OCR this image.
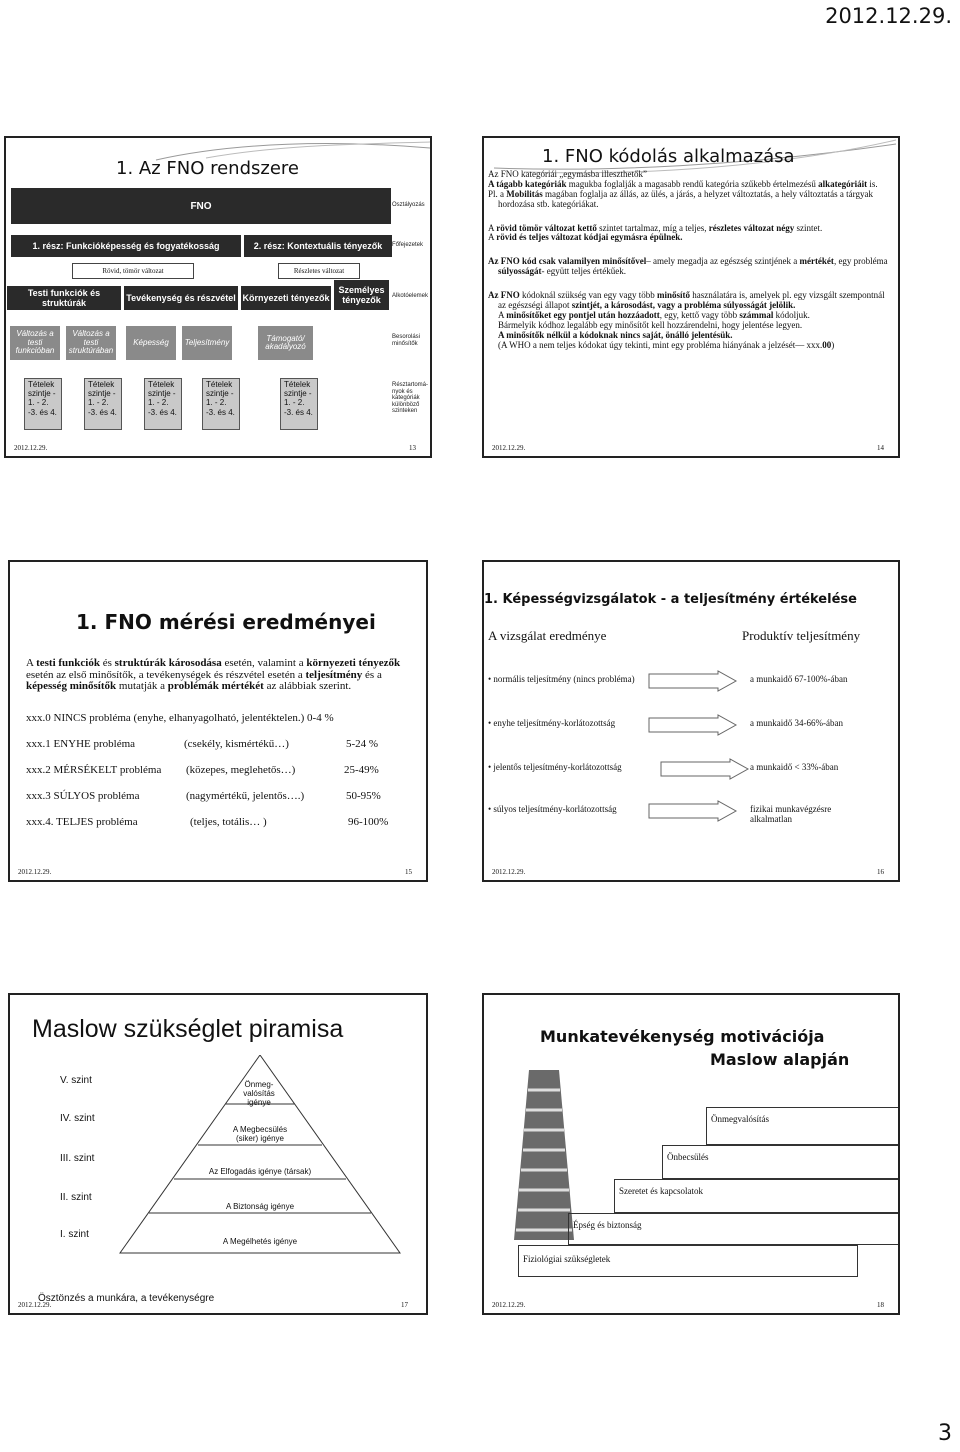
2012.12.29.
1. Az FNO rendszere
FNO	Osztályozás
1. rész: Funkcióképesség és fogyatékosság	2. rész: Kontextuális tényezők	Főfejezetek
Rövid, tömör változat	Részletes változat
Testi funkciók és struktúrák	Tevékenység és részvétel Környezeti tényezők
Személyes tényezők	Alkotóelemek
Változás a testi funkcióban
Változás a testi struktúrában
Képesség	Teljesítmény	Támogató/ akadályozó
Besorolási minősítők
Tételek szintje - 1. - 2. -3. és 4.
Tételek szintje - 1. - 2. -3. és 4.
Tételek szintje - 1. - 2. -3. és 4.
Tételek szintje - 1. - 2. -3. és 4.
Tételek szintje - 1. - 2. -3. és 4.
Résztartomá- nyok és kategóriák különböző szinteken
2012.12.29.	13
1. FNO kódolás alkalmazása

Az FNO kategóriái „egymásba illeszthetők”

A tágabb kategóriák magukba foglalják a magasabb rendű kategória szűkebb értelmezésű alkategóriáit is.

Pl. a Mobilitás magában foglalja az állás, az ülés, a járás, a helyzet változtatás, a hely változtatás a tárgyak hordozása stb. kategóriákat.

A rövid tömör változat kettő szintet tartalmaz, míg a teljes, részletes változat négy szintet.

A rövid és teljes változat kódjai egymásra épülnek.

Az FNO kód csak valamilyen minősítővel– amely megadja az egészség szintjének a mértékét, egy probléma súlyosságát- együtt teljes értékűek.

Az FNO kódoknál szükség van egy vagy több minősítő használatára is, amelyek pl. egy vizsgált szempontnál az egészségi állapot szintjét, a károsodást, vagy a probléma súlyosságát jelölik.

A minősítőket egy pontjel után hozzáadott, egy, kettő vagy több számmal kódoljuk.

Bármelyik kódhoz legalább egy minősítőt kell hozzárendelni, hogy jelentése legyen.

A minősítők nélkül a kódoknak nincs saját, önálló jelentésük.

(A WHO a nem teljes kódokat úgy tekinti, mint egy probléma hiányának a jelzését— xxx.00)

2012.12.29.	14
1. FNO mérési eredményei
A testi funkciók és struktúrák károsodása esetén, valamint a környezeti tényezők esetén az első minősítők, a tevékenységek és részvétel esetén a teljesítmény és a képesség minősítők mutatják a problémák mértékét az alábbiak szerint.
xxx.0 NINCS probléma (enyhe, elhanyagolható, jelentéktelen.) 0-4 %
xxx.1 ENYHE probléma	(csekély, kismértékű…)	5-24 %
xxx.2 MÉRSÉKELT probléma (közepes, meglehetős…)	25-49%
xxx.3 SÚLYOS probléma	(nagymértékű, jelentős….)	50-95%
xxx.4. TELJES probléma	(teljes, totális… )	96-100%
2012.12.29.	15
1. Képességvizsgálatok - a teljesítmény értékelése
A vizsgálat eredménye	Produktív teljesítmény
• normális teljesítmény (nincs probléma)	a munkaidő 67-100%-ában
• enyhe teljesítmény-korlátozottság	a munkaidő 34-66%-ában
• jelentős teljesítmény-korlátozottság	a munkaidő < 33%-ában
• súlyos teljesítmény-korlátozottság	fizikai munkavégzésre alkalmatlan
2012.12.29.	16
Maslow szükséglet piramisa
V. szint
IV. szint
III. szint
II. szint
I. szint
Önmeg- valósítás igénye
A Megbecsülés (siker) igénye
Az Elfogadás igénye (társak)
A Biztonság igénye
A Megélhetés igénye
Ösztönzés a munkára, a tevékenységre
2012.12.29.	17
Munkatevékenység motivációja
Maslow alapján
Önmegvalósítás
Önbecsülés
Szeretet és kapcsolatok
Épség és biztonság
Fiziológiai szükségletek
2012.12.29.	18
3
